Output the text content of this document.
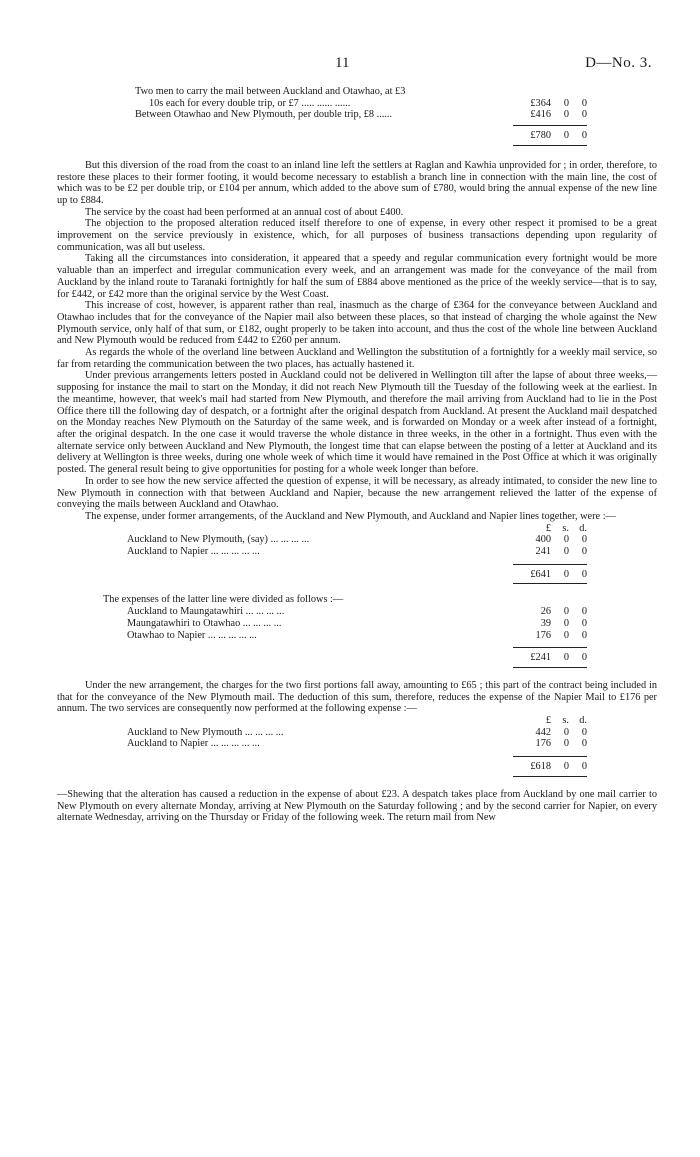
11	D—No. 3.
Two men to carry the mail between Auckland and Otawhao, at £3
10s each for every double trip, or £7 ..... ...... ......	£364	0	0
Between Otawhao and New Plymouth, per double trip, £8 ......	£416	0	0
£780	0	0

But this diversion of the road from the coast to an inland line left the settlers at Raglan and Kawhia unprovided for ; in order, therefore, to restore these places to their former footing, it would become necessary to establish a branch line in connection with the main line, the cost of which was to be £2 per double trip, or £104 per annum, which added to the above sum of £780, would bring the annual expense of the new line up to £884.

The service by the coast had been performed at an annual cost of about £400.

The objection to the proposed alteration reduced itself therefore to one of expense, in every other respect it promised to be a great improvement on the service previously in existence, which, for all purposes of business transactions depending upon regularity of communication, was all but useless.

Taking all the circumstances into consideration, it appeared that a speedy and regular communication every fortnight would be more valuable than an imperfect and irregular communication every week, and an arrangement was made for the conveyance of the mail from Auckland by the inland route to Taranaki fortnightly for half the sum of £884 above mentioned as the price of the weekly service—that is to say, for £442, or £42 more than the original service by the West Coast.

This increase of cost, however, is apparent rather than real, inasmuch as the charge of £364 for the conveyance between Auckland and Otawhao includes that for the conveyance of the Napier mail also between these places, so that instead of charging the whole against the New Plymouth service, only half of that sum, or £182, ought properly to be taken into account, and thus the cost of the whole line between Auckland and New Plymouth would be reduced from £442 to £260 per annum.

As regards the whole of the overland line between Auckland and Wellington the substitution of a fortnightly for a weekly mail service, so far from retarding the communication between the two places, has actually hastened it.

Under previous arrangements letters posted in Auckland could not be delivered in Wellington till after the lapse of about three weeks,—supposing for instance the mail to start on the Monday, it did not reach New Plymouth till the Tuesday of the following week at the earliest. In the meantime, however, that week's mail had started from New Plymouth, and therefore the mail arriving from Auckland had to lie in the Post Office there till the following day of despatch, or a fortnight after the original despatch from Auckland. At present the Auckland mail despatched on the Monday reaches New Plymouth on the Saturday of the same week, and is forwarded on Monday or a week after instead of a fortnight, after the original despatch. In the one case it would traverse the whole distance in three weeks, in the other in a fortnight. Thus even with the alternate service only between Auckland and New Plymouth, the longest time that can elapse between the posting of a letter at Auckland and its delivery at Wellington is three weeks, during one whole week of which time it would have remained in the Post Office at which it was originally posted. The general result being to give opportunities for posting for a whole week longer than before.

In order to see how the new service affected the question of expense, it will be necessary, as already intimated, to consider the new line to New Plymouth in connection with that between Auckland and Napier, because the new arrangement relieved the latter of the expense of conveying the mails between Auckland and Otawhao.

The expense, under former arrangements, of the Auckland and New Plymouth, and Auckland and Napier lines together, were :—

£	s. d.
Auckland to New Plymouth, (say) ... ... ... ...	400	0	0
Auckland to Napier ... ... ... ... ...	241	0	0
£641	0	0
The expenses of the latter line were divided as follows :—
Auckland to Maungatawhiri ... ... ... ...	26	0	0
Maungatawhiri to Otawhao ... ... ... ...	39	0	0
Otawhao to Napier ... ... ... ... ...	176	0	0
£241	0	0

Under the new arrangement, the charges for the two first portions fall away, amounting to £65 ; this part of the contract being included in that for the conveyance of the New Plymouth mail. The deduction of this sum, therefore, reduces the expense of the Napier Mail to £176 per annum. The two services are consequently now performed at the following expense :—

£	s. d.
Auckland to New Plymouth ... ... ... ...	442	0	0
Auckland to Napier ... ... ... ... ...	176	0	0
£618	0	0

—Shewing that the alteration has caused a reduction in the expense of about £23. A despatch takes place from Auckland by one mail carrier to New Plymouth on every alternate Monday, arriving at New Plymouth on the Saturday following ; and by the second carrier for Napier, on every alternate Wednesday, arriving on the Thursday or Friday of the following week. The return mail from New
